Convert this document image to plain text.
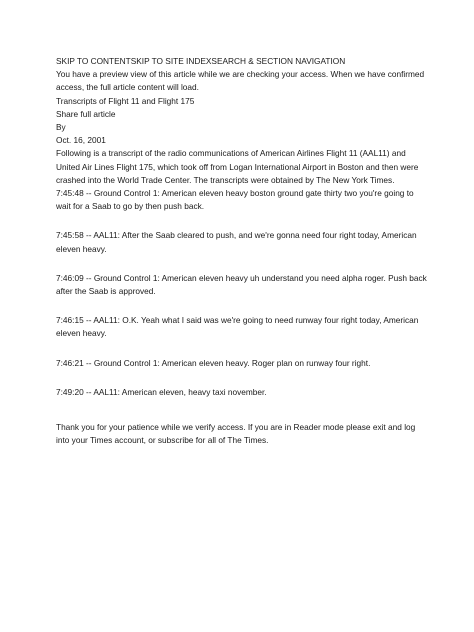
SKIP TO CONTENTSKIP TO SITE INDEXSEARCH & SECTION NAVIGATION

You have a preview view of this article while we are checking your access. When we have confirmed access, the full article content will load.

Transcripts of Flight 11 and Flight 175

Share full article

By

Oct. 16, 2001

Following is a transcript of the radio communications of American Airlines Flight 11 (AAL11) and United Air Lines Flight 175, which took off from Logan International Airport in Boston and then were crashed into the World Trade Center. The transcripts were obtained by The New York Times.

7:45:48 -- Ground Control 1: American eleven heavy boston ground gate thirty two you're going to wait for a Saab to go by then push back.

7:45:58 -- AAL11: After the Saab cleared to push, and we're gonna need four right today, American eleven heavy.

7:46:09 -- Ground Control 1: American eleven heavy uh understand you need alpha roger. Push back after the Saab is approved.

7:46:15 -- AAL11: O.K. Yeah what I said was we're going to need runway four right today, American eleven heavy.

7:46:21 -- Ground Control 1: American eleven heavy. Roger plan on runway four right.

7:49:20 -- AAL11: American eleven, heavy taxi november.

Thank you for your patience while we verify access. If you are in Reader mode please exit and log into your Times account, or subscribe for all of The Times.
